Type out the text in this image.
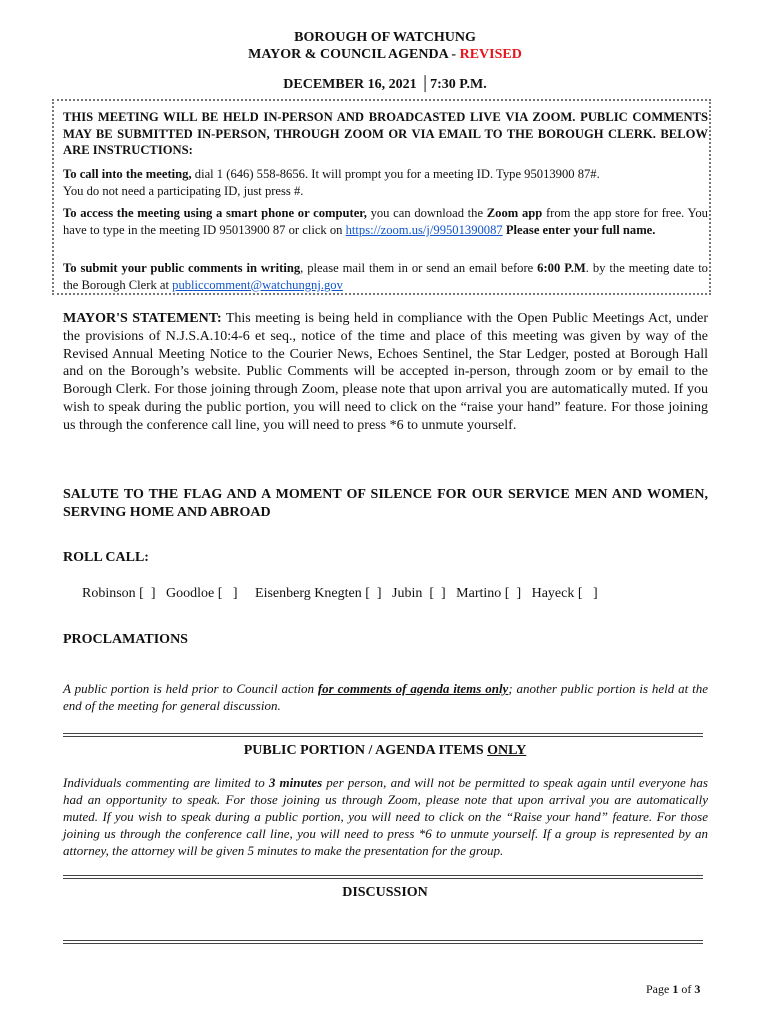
BOROUGH OF WATCHUNG
MAYOR & COUNCIL AGENDA - REVISED
DECEMBER 16, 2021 │7:30 P.M.
THIS MEETING WILL BE HELD IN-PERSON AND BROADCASTED LIVE VIA ZOOM. PUBLIC COMMENTS MAY BE SUBMITTED IN-PERSON, THROUGH ZOOM OR VIA EMAIL TO THE BOROUGH CLERK. BELOW ARE INSTRUCTIONS:
To call into the meeting, dial 1 (646) 558-8656. It will prompt you for a meeting ID. Type 95013900 87#.
You do not need a participating ID, just press #.
To access the meeting using a smart phone or computer, you can download the Zoom app from the app store for free. You have to type in the meeting ID 95013900 87 or click on https://zoom.us/j/99501390087 Please enter your full name.
To submit your public comments in writing, please mail them in or send an email before 6:00 P.M. by the meeting date to the Borough Clerk at publiccomment@watchungnj.gov
MAYOR'S STATEMENT: This meeting is being held in compliance with the Open Public Meetings Act, under the provisions of N.J.S.A.10:4-6 et seq., notice of the time and place of this meeting was given by way of the Revised Annual Meeting Notice to the Courier News, Echoes Sentinel, the Star Ledger, posted at Borough Hall and on the Borough’s website. Public Comments will be accepted in-person, through zoom or by email to the Borough Clerk. For those joining through Zoom, please note that upon arrival you are automatically muted. If you wish to speak during the public portion, you will need to click on the “raise your hand” feature. For those joining us through the conference call line, you will need to press *6 to unmute yourself.
SALUTE TO THE FLAG AND A MOMENT OF SILENCE FOR OUR SERVICE MEN AND WOMEN, SERVING HOME AND ABROAD
ROLL CALL:
Robinson [  ]   Goodloe [   ]     Eisenberg Knegten [  ]   Jubin  [  ]   Martino [  ]   Hayeck [   ]
PROCLAMATIONS
A public portion is held prior to Council action for comments of agenda items only; another public portion is held at the end of the meeting for general discussion.
PUBLIC PORTION / AGENDA ITEMS ONLY
Individuals commenting are limited to 3 minutes per person, and will not be permitted to speak again until everyone has had an opportunity to speak. For those joining us through Zoom, please note that upon arrival you are automatically muted. If you wish to speak during a public portion, you will need to click on the “Raise your hand” feature. For those joining us through the conference call line, you will need to press *6 to unmute yourself. If a group is represented by an attorney, the attorney will be given 5 minutes to make the presentation for the group.
DISCUSSION
Page 1 of 3
